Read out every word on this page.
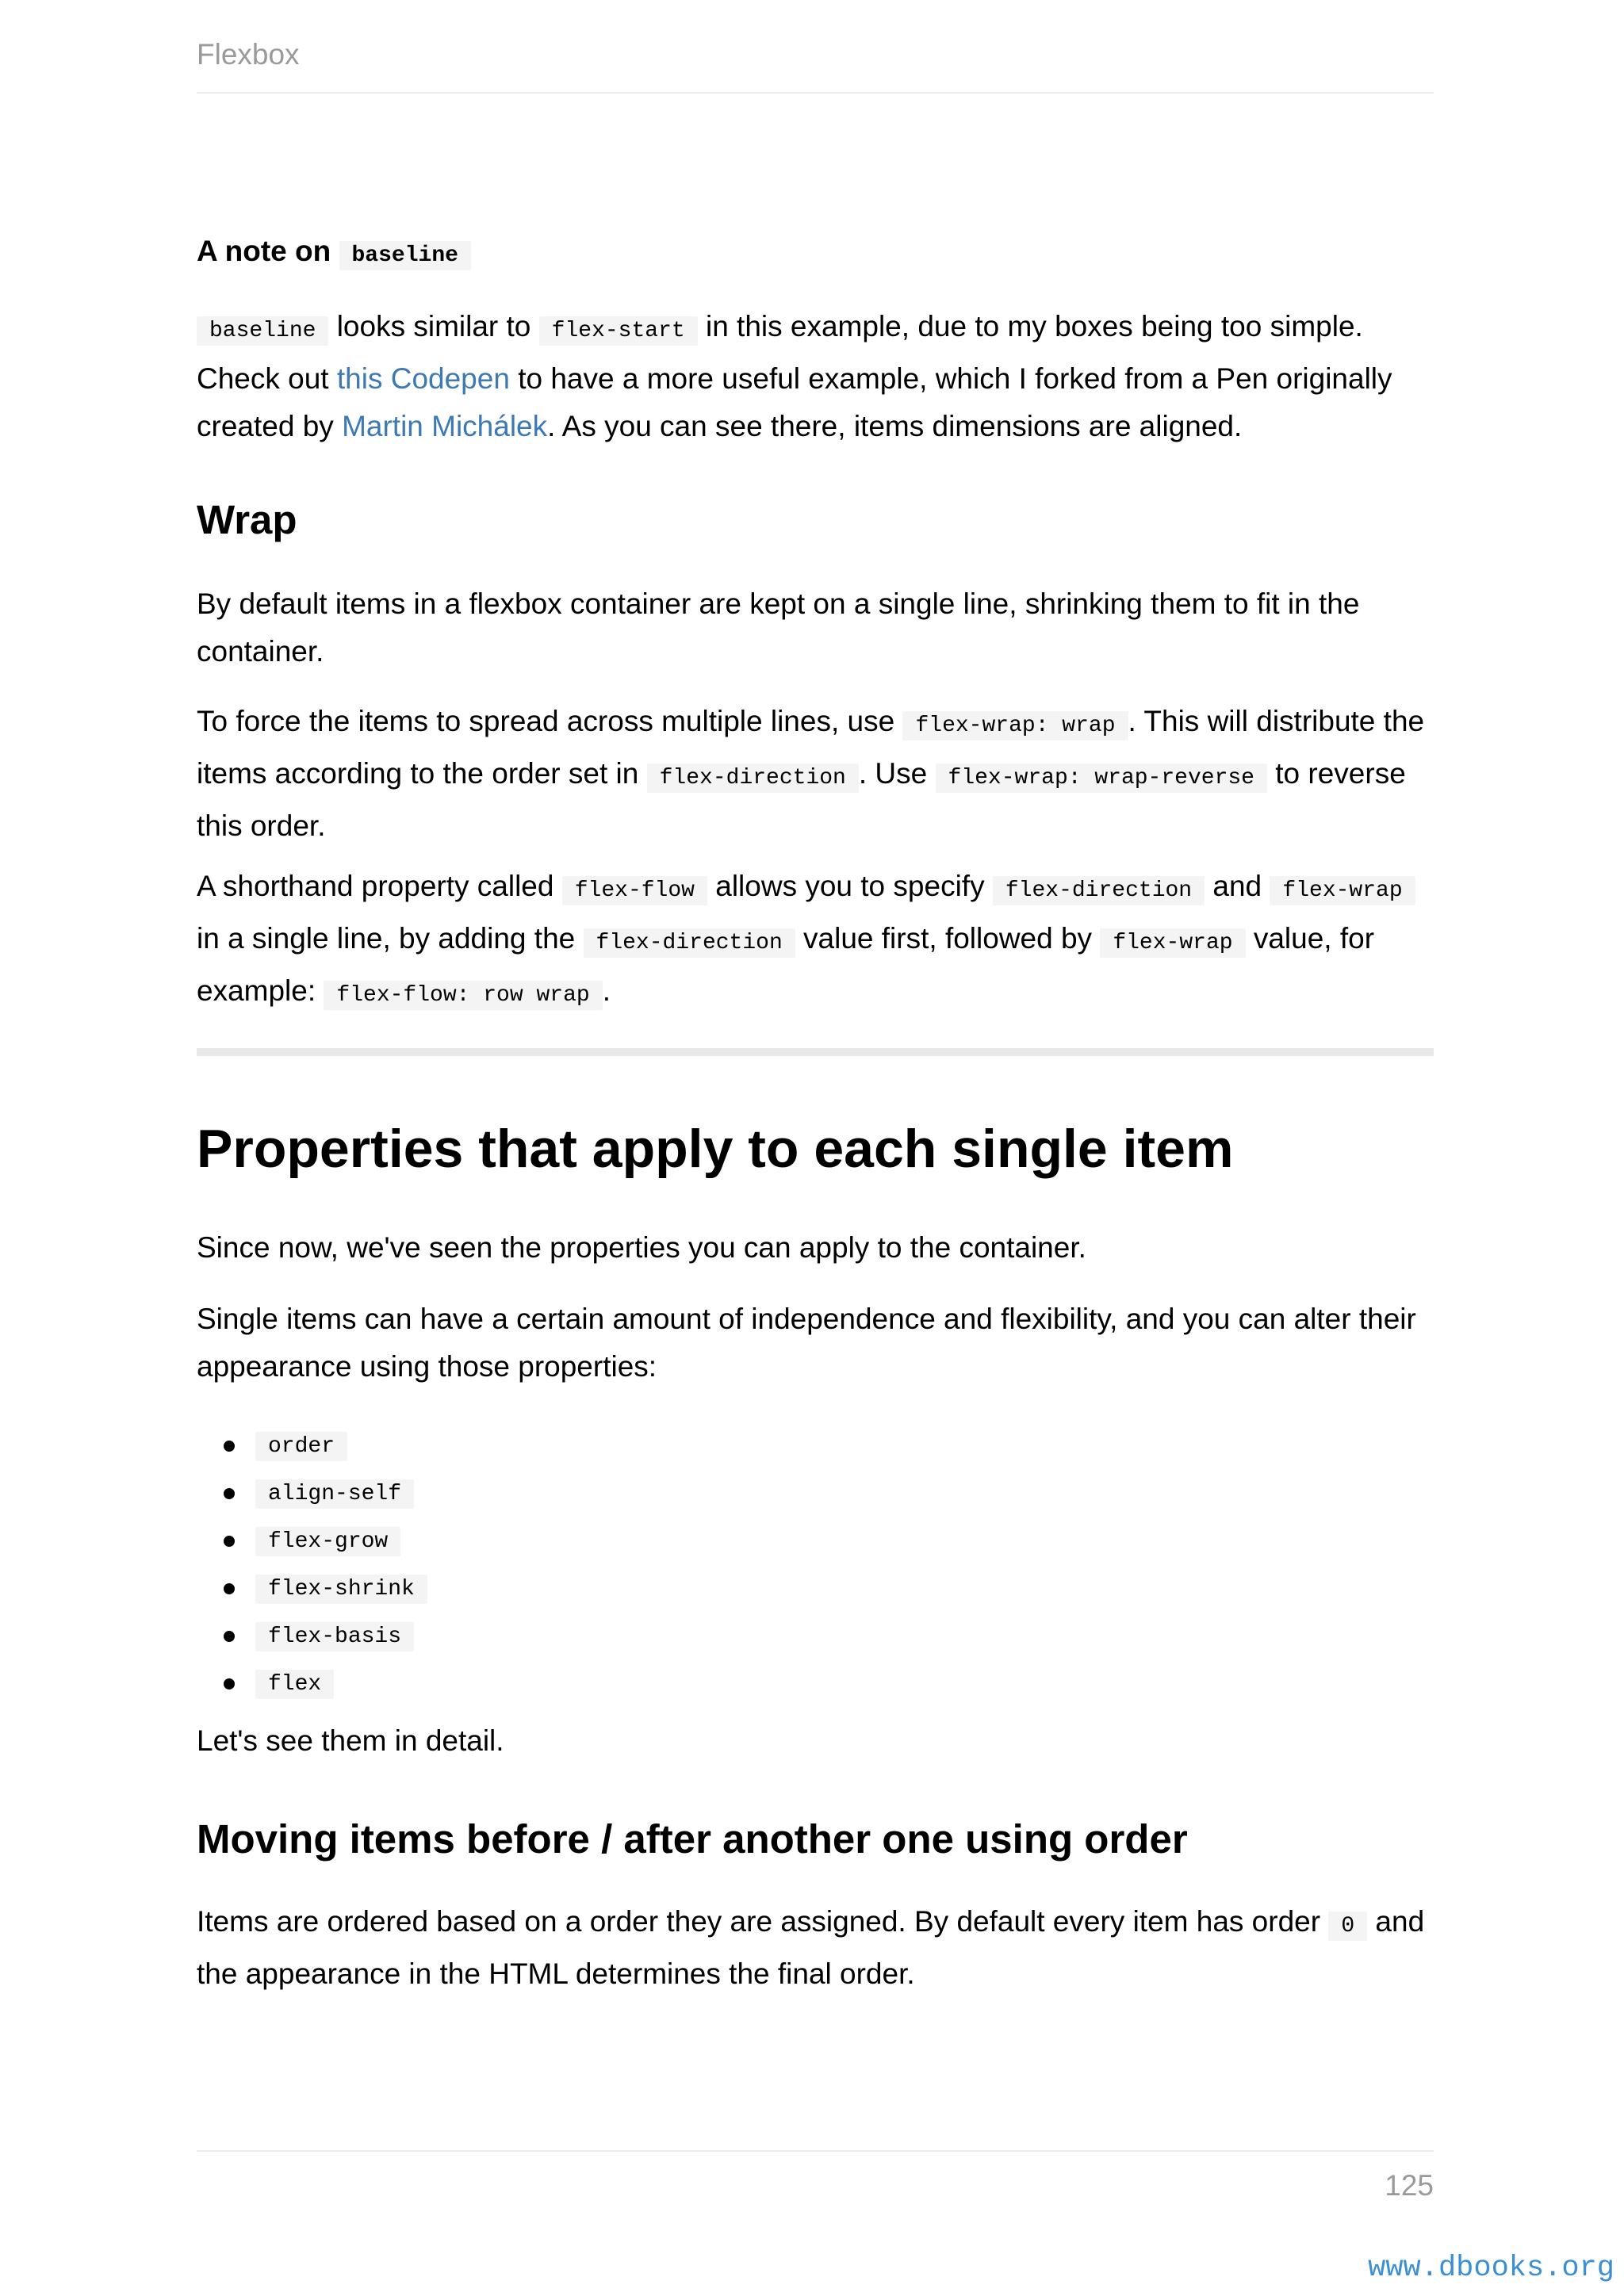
Flexbox
A note on baseline
baseline looks similar to flex-start in this example, due to my boxes being too simple. Check out this Codepen to have a more useful example, which I forked from a Pen originally created by Martin Michálek. As you can see there, items dimensions are aligned.
Wrap
By default items in a flexbox container are kept on a single line, shrinking them to fit in the container.
To force the items to spread across multiple lines, use flex-wrap: wrap . This will distribute the items according to the order set in flex-direction . Use flex-wrap: wrap-reverse to reverse this order.
A shorthand property called flex-flow allows you to specify flex-direction and flex-wrap in a single line, by adding the flex-direction value first, followed by flex-wrap value, for example: flex-flow: row wrap .
Properties that apply to each single item
Since now, we've seen the properties you can apply to the container.
Single items can have a certain amount of independence and flexibility, and you can alter their appearance using those properties:
order
align-self
flex-grow
flex-shrink
flex-basis
flex
Let's see them in detail.
Moving items before / after another one using order
Items are ordered based on a order they are assigned. By default every item has order 0 and the appearance in the HTML determines the final order.
125
www.dbooks.org
